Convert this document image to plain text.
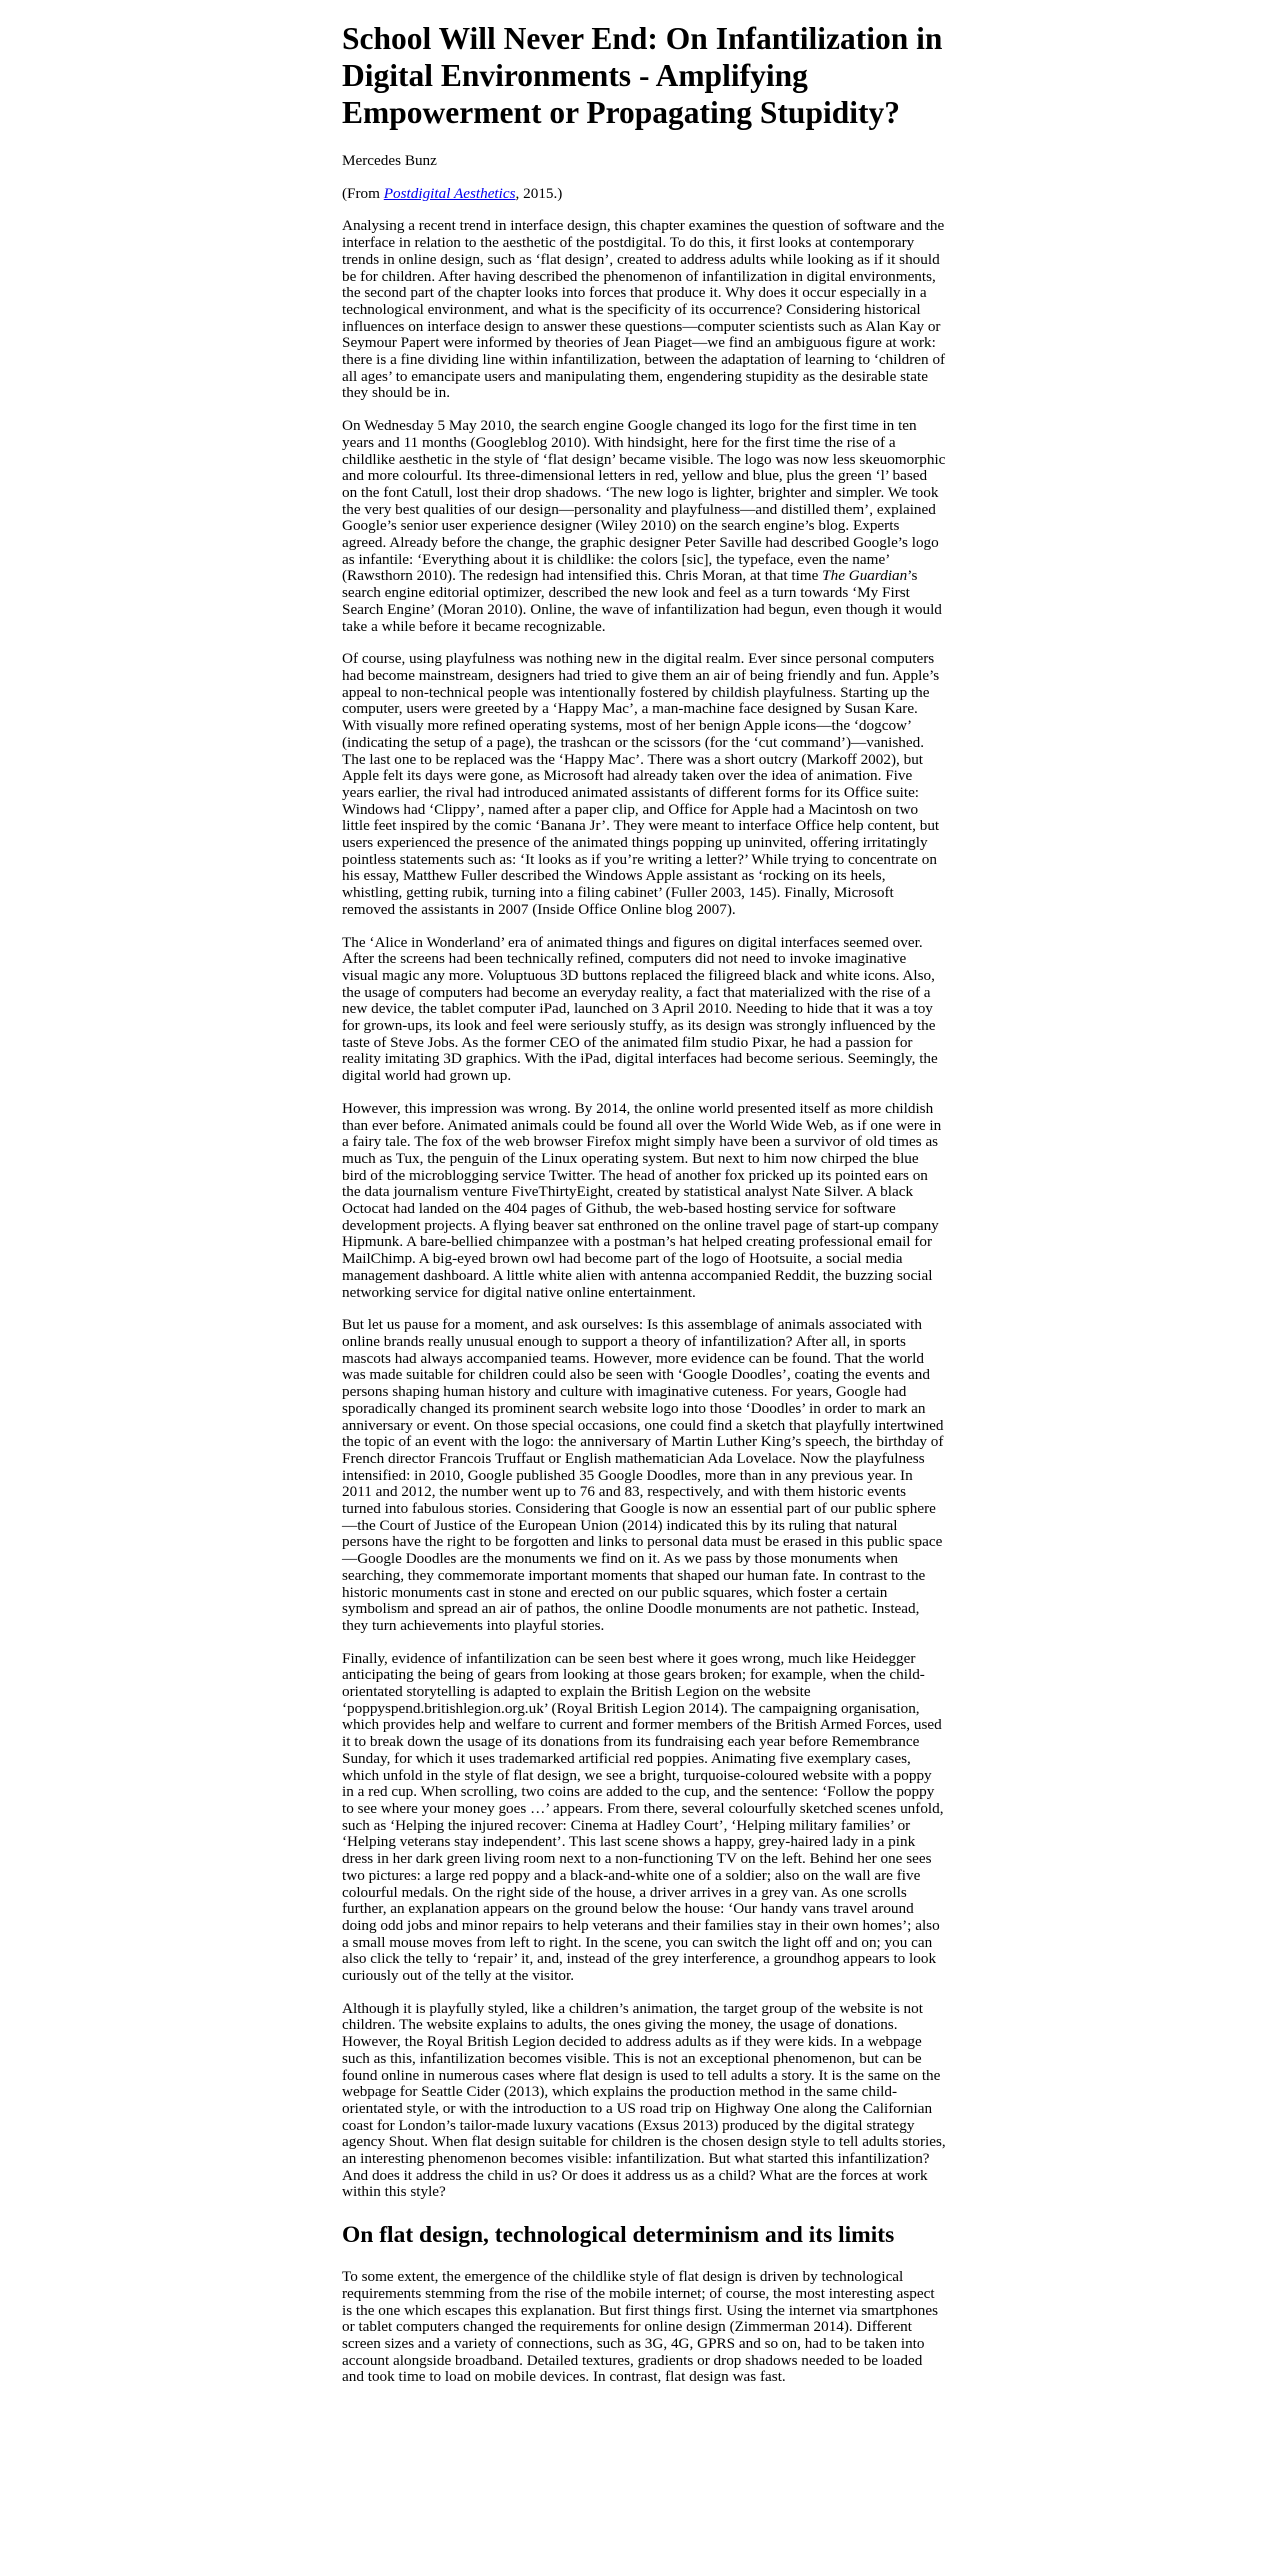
School Will Never End: On Infantilization in Digital Environments - Amplifying Empowerment or Propagating Stupidity?

Mercedes Bunz

(From Postdigital Aesthetics, 2015.)

Analysing a recent trend in interface design, this chapter examines the question of software and the interface in relation to the aesthetic of the postdigital. To do this, it first looks at contemporary trends in online design, such as ‘flat design’, created to address adults while looking as if it should be for children. After having described the phenomenon of infantilization in digital environments, the second part of the chapter looks into forces that produce it. Why does it occur especially in a technological environment, and what is the specificity of its occurrence? Considering historical influences on interface design to answer these questions—computer scientists such as Alan Kay or Seymour Papert were informed by theories of Jean Piaget—we find an ambiguous figure at work: there is a fine dividing line within infantilization, between the adaptation of learning to ‘children of all ages’ to emancipate users and manipulating them, engendering stupidity as the desirable state they should be in.

On Wednesday 5 May 2010, the search engine Google changed its logo for the first time in ten years and 11 months (Googleblog 2010). With hindsight, here for the first time the rise of a childlike aesthetic in the style of ‘flat design’ became visible. The logo was now less skeuomorphic and more colourful. Its three-dimensional letters in red, yellow and blue, plus the green ‘l’ based on the font Catull, lost their drop shadows. ‘The new logo is lighter, brighter and simpler. We took the very best qualities of our design—personality and playfulness—and distilled them’, explained Google’s senior user experience designer (Wiley 2010) on the search engine’s blog. Experts agreed. Already before the change, the graphic designer Peter Saville had described Google’s logo as infantile: ‘Everything about it is childlike: the colors [sic], the typeface, even the name’ (Rawsthorn 2010). The redesign had intensified this. Chris Moran, at that time The Guardian’s search engine editorial optimizer, described the new look and feel as a turn towards ‘My First Search Engine’ (Moran 2010). Online, the wave of infantilization had begun, even though it would take a while before it became recognizable.

Of course, using playfulness was nothing new in the digital realm. Ever since personal computers had become mainstream, designers had tried to give them an air of being friendly and fun. Apple’s appeal to non-technical people was intentionally fostered by childish playfulness. Starting up the computer, users were greeted by a ‘Happy Mac’, a man-machine face designed by Susan Kare. With visually more refined operating systems, most of her benign Apple icons—the ‘dogcow’ (indicating the setup of a page), the trashcan or the scissors (for the ‘cut command’)—vanished. The last one to be replaced was the ‘Happy Mac’. There was a short outcry (Markoff 2002), but Apple felt its days were gone, as Microsoft had already taken over the idea of animation. Five years earlier, the rival had introduced animated assistants of different forms for its Office suite: Windows had ‘Clippy’, named after a paper clip, and Office for Apple had a Macintosh on two little feet inspired by the comic ‘Banana Jr’. They were meant to interface Office help content, but users experienced the presence of the animated things popping up uninvited, offering irritatingly pointless statements such as: ‘It looks as if you’re writing a letter?’ While trying to concentrate on his essay, Matthew Fuller described the Windows Apple assistant as ‘rocking on its heels, whistling, getting rubik, turning into a filing cabinet’ (Fuller 2003, 145). Finally, Microsoft removed the assistants in 2007 (Inside Office Online blog 2007).

The ‘Alice in Wonderland’ era of animated things and figures on digital interfaces seemed over. After the screens had been technically refined, computers did not need to invoke imaginative visual magic any more. Voluptuous 3D buttons replaced the filigreed black and white icons. Also, the usage of computers had become an everyday reality, a fact that materialized with the rise of a new device, the tablet computer iPad, launched on 3 April 2010. Needing to hide that it was a toy for grown-ups, its look and feel were seriously stuffy, as its design was strongly influenced by the taste of Steve Jobs. As the former CEO of the animated film studio Pixar, he had a passion for reality imitating 3D graphics. With the iPad, digital interfaces had become serious. Seemingly, the digital world had grown up.

However, this impression was wrong. By 2014, the online world presented itself as more childish than ever before. Animated animals could be found all over the World Wide Web, as if one were in a fairy tale. The fox of the web browser Firefox might simply have been a survivor of old times as much as Tux, the penguin of the Linux operating system. But next to him now chirped the blue bird of the microblogging service Twitter. The head of another fox pricked up its pointed ears on the data journalism venture FiveThirtyEight, created by statistical analyst Nate Silver. A black Octocat had landed on the 404 pages of Github, the web-based hosting service for software development projects. A flying beaver sat enthroned on the online travel page of start-up company Hipmunk. A bare-bellied chimpanzee with a postman’s hat helped creating professional email for MailChimp. A big-eyed brown owl had become part of the logo of Hootsuite, a social media management dashboard. A little white alien with antenna accompanied Reddit, the buzzing social networking service for digital native online entertainment.

But let us pause for a moment, and ask ourselves: Is this assemblage of animals associated with online brands really unusual enough to support a theory of infantilization? After all, in sports mascots had always accompanied teams. However, more evidence can be found. That the world was made suitable for children could also be seen with ‘Google Doodles’, coating the events and persons shaping human history and culture with imaginative cuteness. For years, Google had sporadically changed its prominent search website logo into those ‘Doodles’ in order to mark an anniversary or event. On those special occasions, one could find a sketch that playfully intertwined the topic of an event with the logo: the anniversary of Martin Luther King’s speech, the birthday of French director Francois Truffaut or English mathematician Ada Lovelace. Now the playfulness intensified: in 2010, Google published 35 Google Doodles, more than in any previous year. In 2011 and 2012, the number went up to 76 and 83, respectively, and with them historic events turned into fabulous stories. Considering that Google is now an essential part of our public sphere—the Court of Justice of the European Union (2014) indicated this by its ruling that natural persons have the right to be forgotten and links to personal data must be erased in this public space—Google Doodles are the monuments we find on it. As we pass by those monuments when searching, they commemorate important moments that shaped our human fate. In contrast to the historic monuments cast in stone and erected on our public squares, which foster a certain symbolism and spread an air of pathos, the online Doodle monuments are not pathetic. Instead, they turn achievements into playful stories.

Finally, evidence of infantilization can be seen best where it goes wrong, much like Heidegger anticipating the being of gears from looking at those gears broken; for example, when the child-orientated storytelling is adapted to explain the British Legion on the website ‘poppyspend.britishlegion.org.uk’ (Royal British Legion 2014). The campaigning organisation, which provides help and welfare to current and former members of the British Armed Forces, used it to break down the usage of its donations from its fundraising each year before Remembrance Sunday, for which it uses trademarked artificial red poppies. Animating five exemplary cases, which unfold in the style of flat design, we see a bright, turquoise-coloured website with a poppy in a red cup. When scrolling, two coins are added to the cup, and the sentence: ‘Follow the poppy to see where your money goes …’ appears. From there, several colourfully sketched scenes unfold, such as ‘Helping the injured recover: Cinema at Hadley Court’, ‘Helping military families’ or ‘Helping veterans stay independent’. This last scene shows a happy, grey-haired lady in a pink dress in her dark green living room next to a non-functioning TV on the left. Behind her one sees two pictures: a large red poppy and a black-and-white one of a soldier; also on the wall are five colourful medals. On the right side of the house, a driver arrives in a grey van. As one scrolls further, an explanation appears on the ground below the house: ‘Our handy vans travel around doing odd jobs and minor repairs to help veterans and their families stay in their own homes’; also a small mouse moves from left to right. In the scene, you can switch the light off and on; you can also click the telly to ‘repair’ it, and, instead of the grey interference, a groundhog appears to look curiously out of the telly at the visitor.

Although it is playfully styled, like a children’s animation, the target group of the website is not children. The website explains to adults, the ones giving the money, the usage of donations. However, the Royal British Legion decided to address adults as if they were kids. In a webpage such as this, infantilization becomes visible. This is not an exceptional phenomenon, but can be found online in numerous cases where flat design is used to tell adults a story. It is the same on the webpage for Seattle Cider (2013), which explains the production method in the same child-orientated style, or with the introduction to a US road trip on Highway One along the Californian coast for London’s tailor-made luxury vacations (Exsus 2013) produced by the digital strategy agency Shout. When flat design suitable for children is the chosen design style to tell adults stories, an interesting phenomenon becomes visible: infantilization. But what started this infantilization? And does it address the child in us? Or does it address us as a child? What are the forces at work within this style?

On flat design, technological determinism and its limits

To some extent, the emergence of the childlike style of flat design is driven by technological requirements stemming from the rise of the mobile internet; of course, the most interesting aspect is the one which escapes this explanation. But first things first. Using the internet via smartphones or tablet computers changed the requirements for online design (Zimmerman 2014). Different screen sizes and a variety of connections, such as 3G, 4G, GPRS and so on, had to be taken into account alongside broadband. Detailed textures, gradients or drop shadows needed to be loaded and took time to load on mobile devices. In contrast, flat design was fast.
